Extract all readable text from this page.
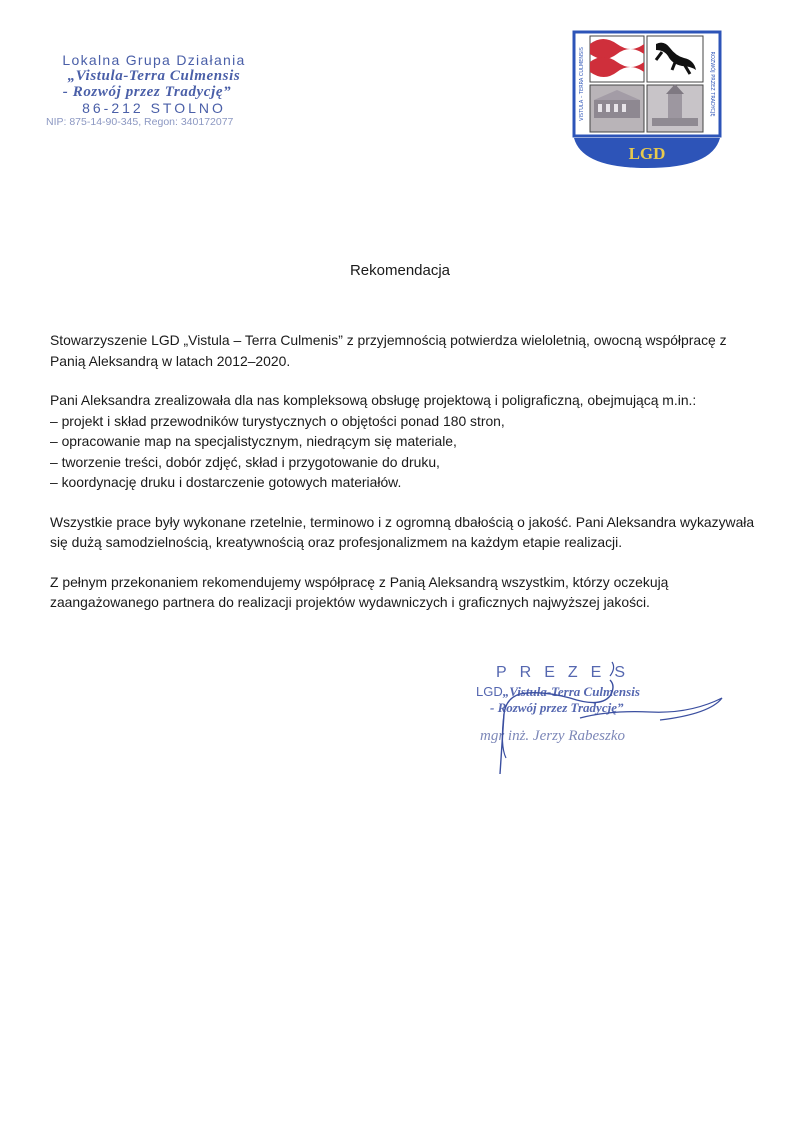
Lokalna Grupa Działania
„Vistula-Terra Culmensis
- Rozwój przez Tradycję”
86-212 STOLNO
NIP: 875-14-90-345, Regon: 340172077
VISTULA – TERRA CULMENSIS	ROZWÓJ PRZEZ TRADYCJĘ
LGD
Rekomendacja

Stowarzyszenie LGD „Vistula – Terra Culmenis” z przyjemnością potwierdza wieloletnią, owocną współpracę z Panią Aleksandrą w latach 2012–2020.

Pani Aleksandra zrealizowała dla nas kompleksową obsługę projektową i poligraficzną, obejmującą m.in.:
– projekt i skład przewodników turystycznych o objętości ponad 180 stron,
– opracowanie map na specjalistycznym, niedrącym się materiale,
– tworzenie treści, dobór zdjęć, skład i przygotowanie do druku,
– koordynację druku i dostarczenie gotowych materiałów.

Wszystkie prace były wykonane rzetelnie, terminowo i z ogromną dbałością o jakość. Pani Aleksandra wykazywała się dużą samodzielnością, kreatywnością oraz profesjonalizmem na każdym etapie realizacji.

Z pełnym przekonaniem rekomendujemy współpracę z Panią Aleksandrą wszystkim, którzy oczekują zaangażowanego partnera do realizacji projektów wydawniczych i graficznych najwyższej jakości.

PREZES
LGD„Vistula-Terra Culmensis
- Rozwój przez Tradycję”
mgr inż. Jerzy Rabeszko
